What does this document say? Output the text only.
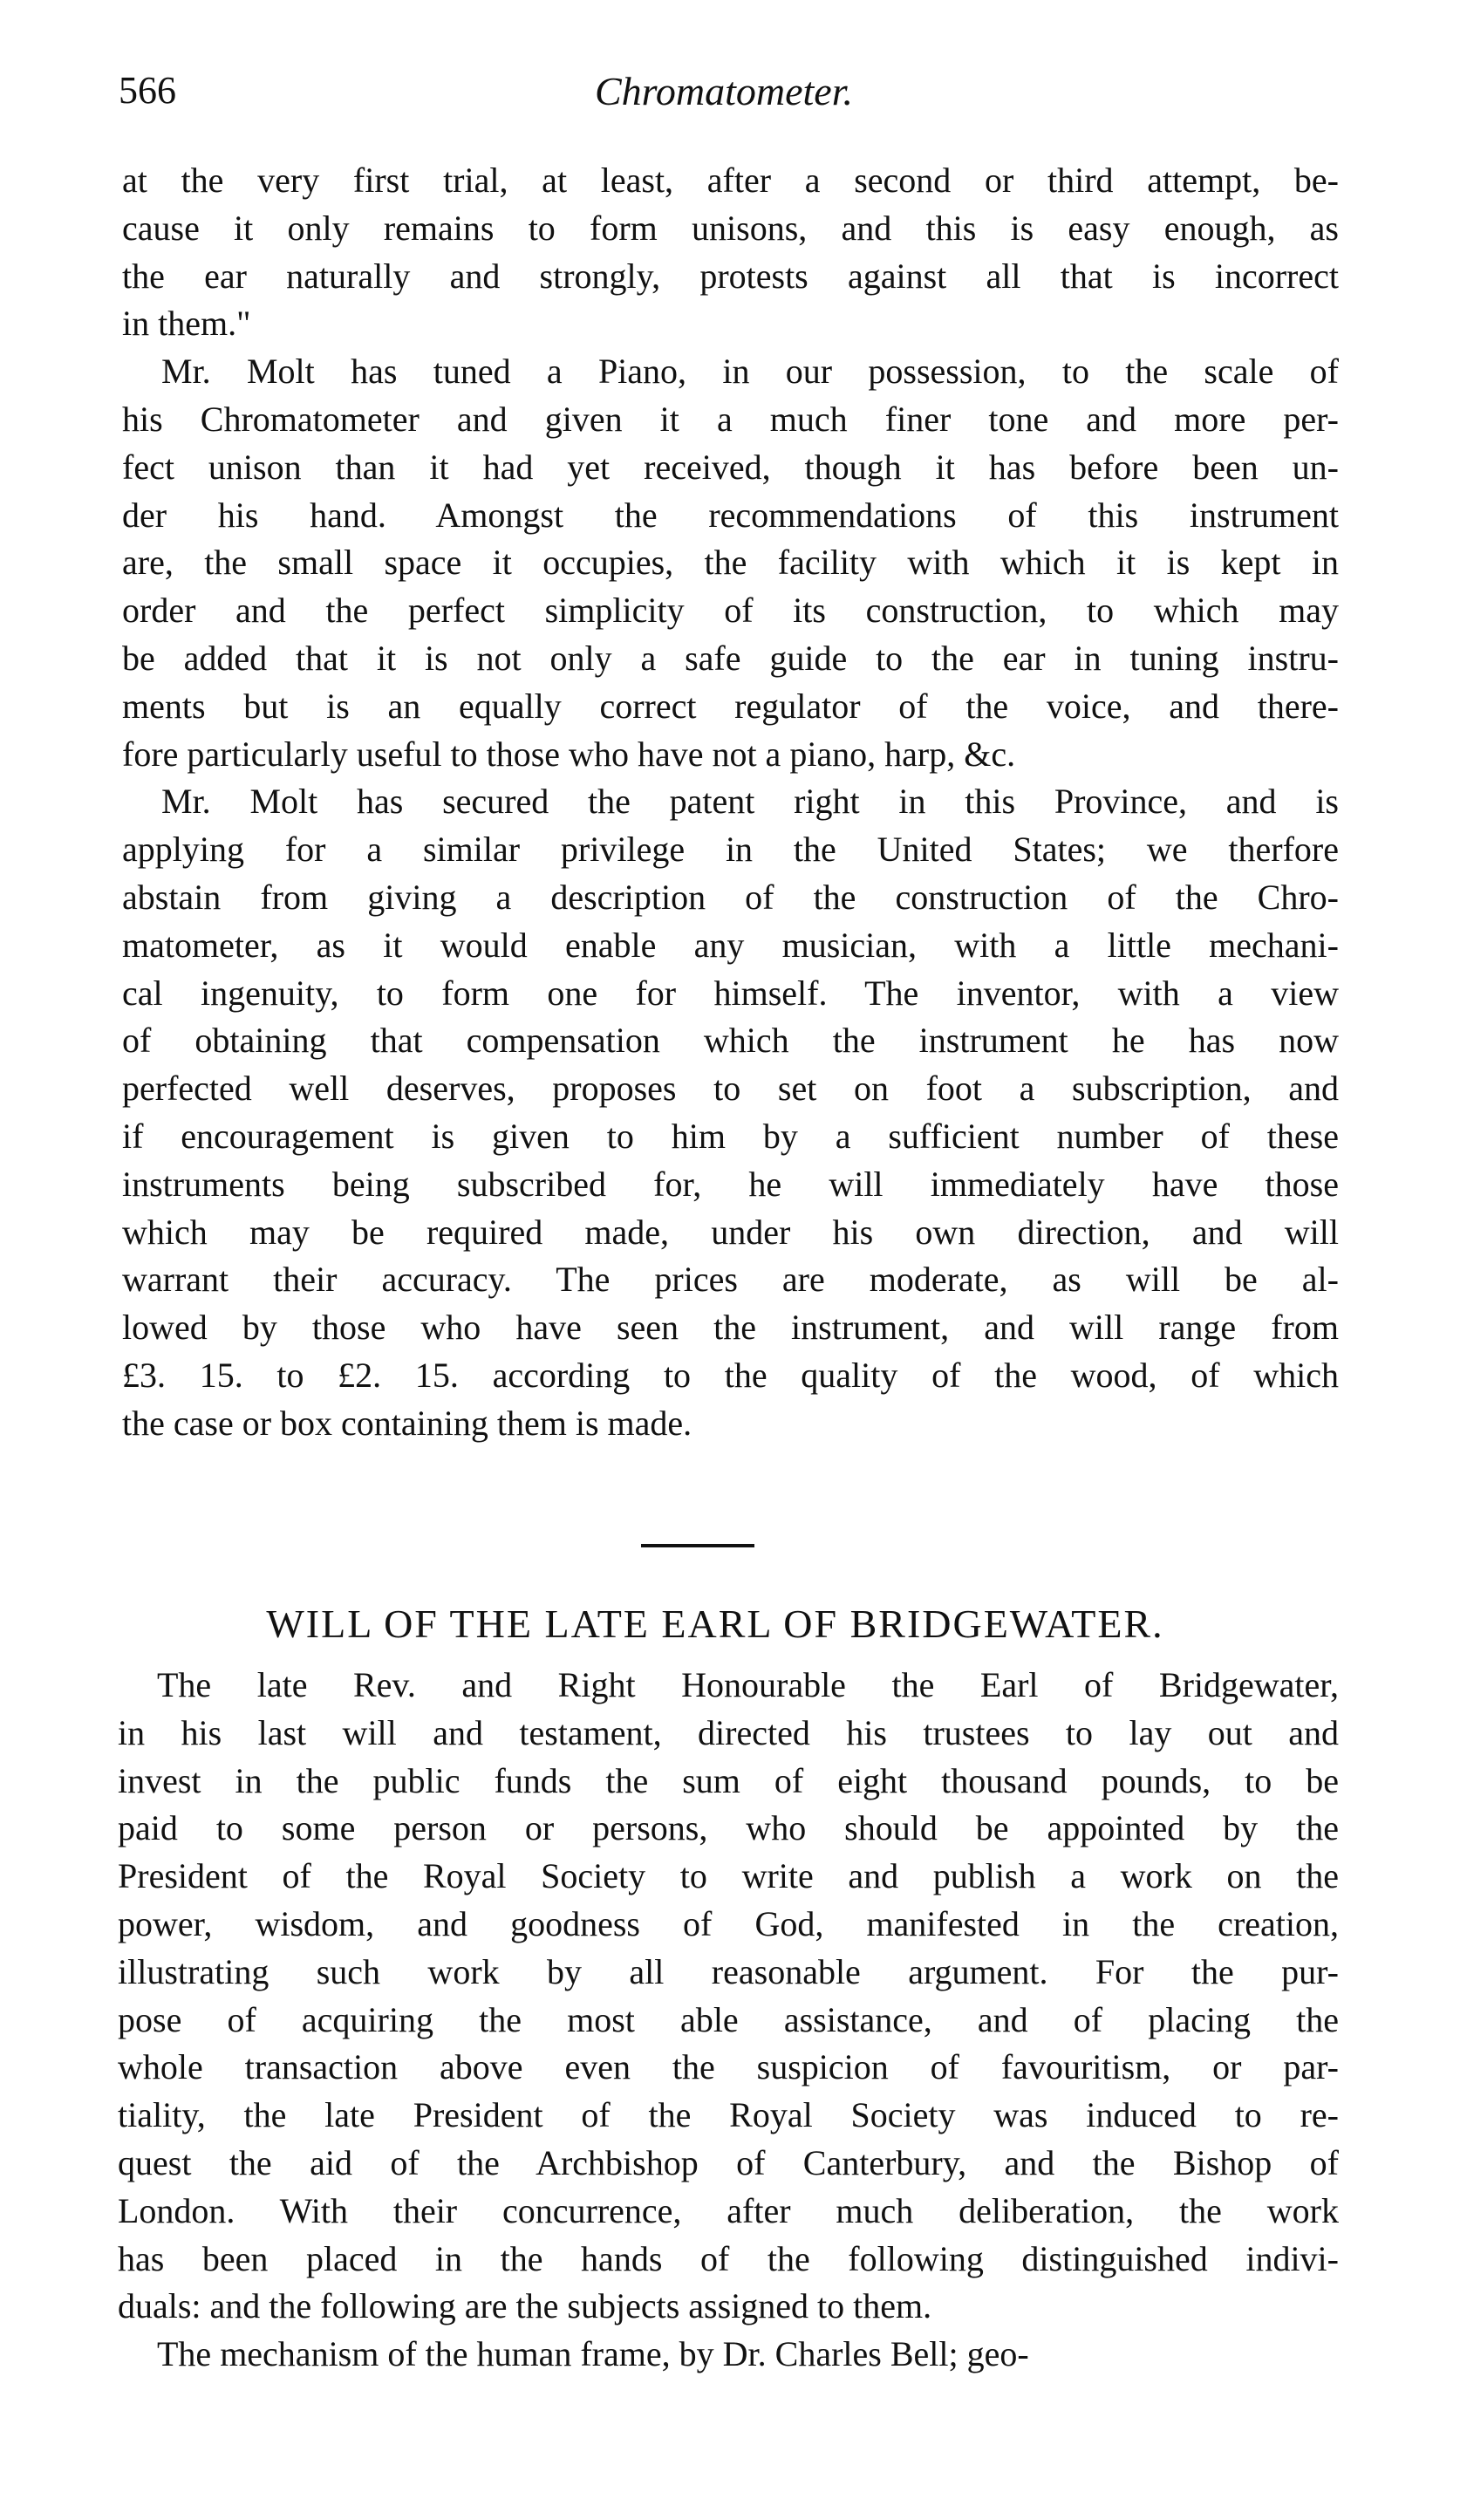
566	Chromatometer.
at the very first trial, at least, after a second or third attempt, be-
cause it only remains to form unisons, and this is easy enough, as
the ear naturally and strongly, protests against all that is incorrect
in them."
Mr. Molt has tuned a Piano, in our possession, to the scale of
his Chromatometer and given it a much finer tone and more per-
fect unison than it had yet received, though it has before been un-
der his hand. Amongst the recommendations of this instrument
are, the small space it occupies, the facility with which it is kept in
order and the perfect simplicity of its construction, to which may
be added that it is not only a safe guide to the ear in tuning instru-
ments but is an equally correct regulator of the voice, and there-
fore particularly useful to those who have not a piano, harp, &c.
Mr. Molt has secured the patent right in this Province, and is
applying for a similar privilege in the United States; we therfore
abstain from giving a description of the construction of the Chro-
matometer, as it would enable any musician, with a little mechani-
cal ingenuity, to form one for himself. The inventor, with a view
of obtaining that compensation which the instrument he has now
perfected well deserves, proposes to set on foot a subscription, and
if encouragement is given to him by a sufficient number of these
instruments being subscribed for, he will immediately have those
which may be required made, under his own direction, and will
warrant their accuracy. The prices are moderate, as will be al-
lowed by those who have seen the instrument, and will range from
£3. 15. to £2. 15. according to the quality of the wood, of which
the case or box containing them is made.
WILL OF THE LATE EARL OF BRIDGEWATER.
The late Rev. and Right Honourable the Earl of Bridgewater,
in his last will and testament, directed his trustees to lay out and
invest in the public funds the sum of eight thousand pounds, to be
paid to some person or persons, who should be appointed by the
President of the Royal Society to write and publish a work on the
power, wisdom, and goodness of God, manifested in the creation,
illustrating such work by all reasonable argument. For the pur-
pose of acquiring the most able assistance, and of placing the
whole transaction above even the suspicion of favouritism, or par-
tiality, the late President of the Royal Society was induced to re-
quest the aid of the Archbishop of Canterbury, and the Bishop of
London. With their concurrence, after much deliberation, the work
has been placed in the hands of the following distinguished indivi-
duals: and the following are the subjects assigned to them.
The mechanism of the human frame, by Dr. Charles Bell; geo-
